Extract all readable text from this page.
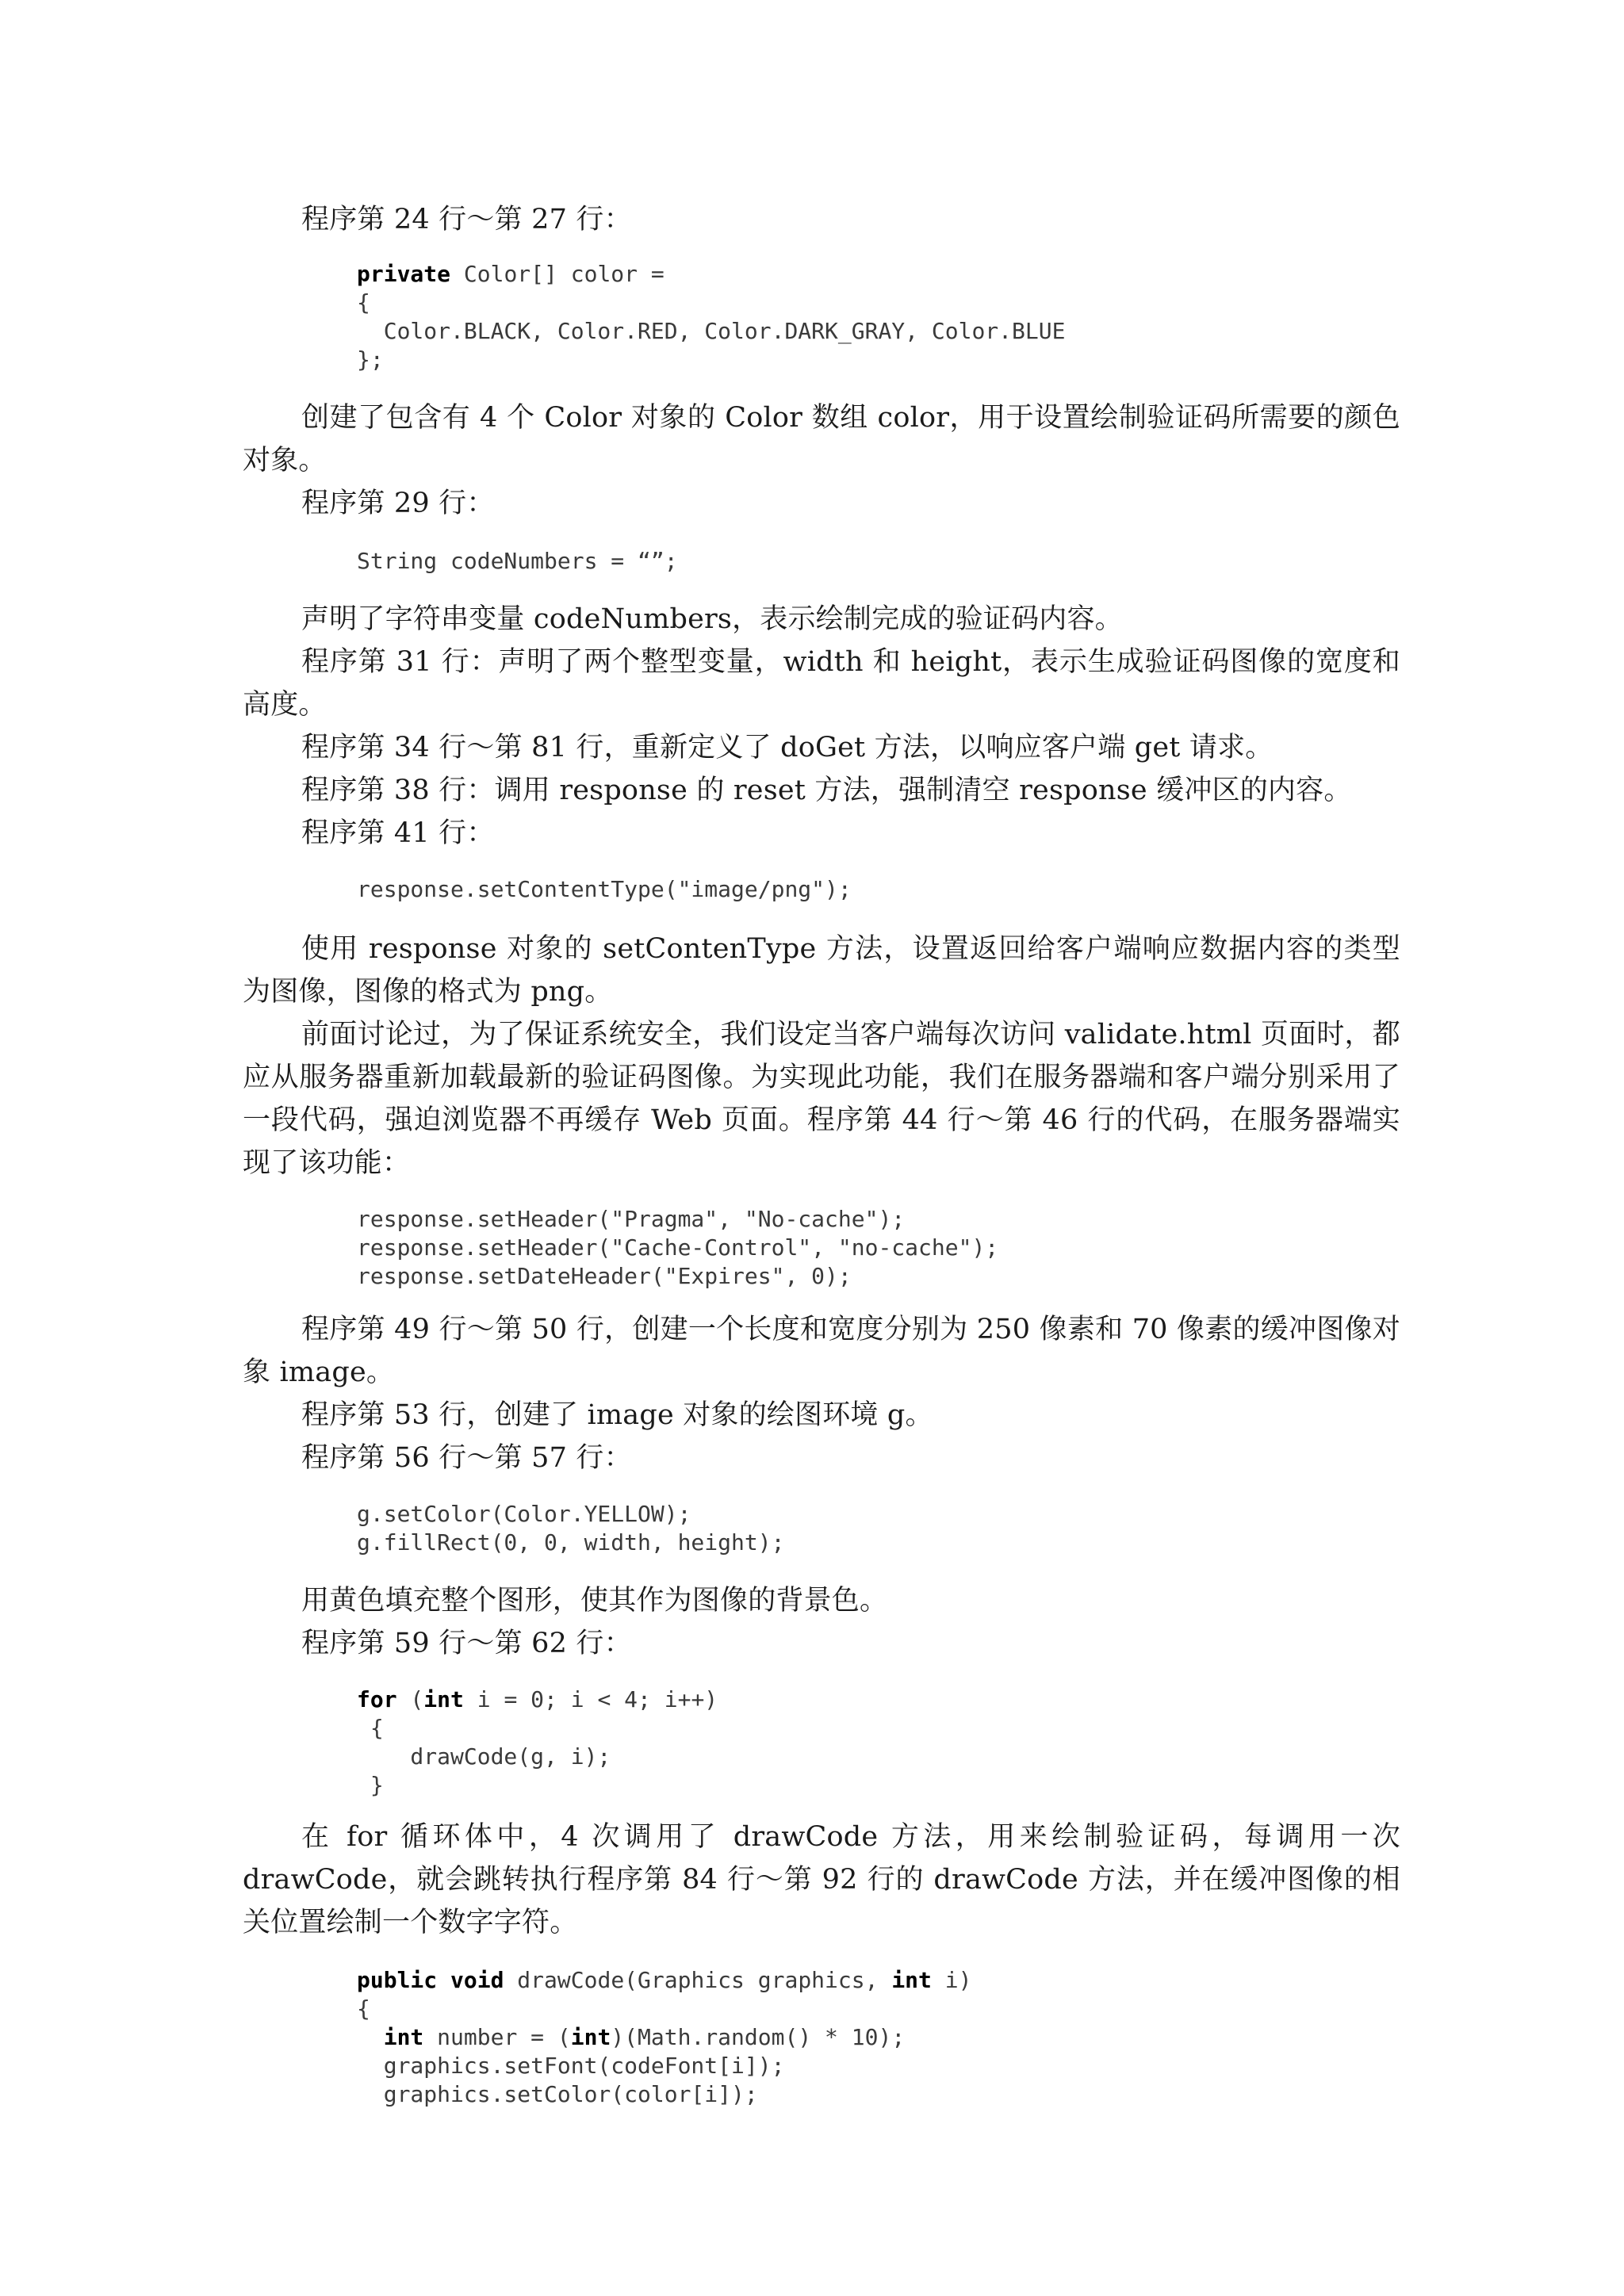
程序第 24 行～第 27 行：

private Color[] color =
{
Color.BLACK, Color.RED, Color.DARK_GRAY, Color.BLUE
};

创建了包含有 4 个 Color 对象的 Color 数组 color，用于设置绘制验证码所需要的颜色对象。

程序第 29 行：

String codeNumbers = “”;

声明了字符串变量 codeNumbers，表示绘制完成的验证码内容。

程序第 31 行：声明了两个整型变量，width 和 height，表示生成验证码图像的宽度和高度。

程序第 34 行～第 81 行，重新定义了 doGet 方法，以响应客户端 get 请求。

程序第 38 行：调用 response 的 reset 方法，强制清空 response 缓冲区的内容。

程序第 41 行：

response.setContentType("image/png");

使用 response 对象的 setContenType 方法，设置返回给客户端响应数据内容的类型为图像，图像的格式为 png。

前面讨论过，为了保证系统安全，我们设定当客户端每次访问 validate.html 页面时，都应从服务器重新加载最新的验证码图像。为实现此功能，我们在服务器端和客户端分别采用了一段代码，强迫浏览器不再缓存 Web 页面。程序第 44 行～第 46 行的代码，在服务器端实现了该功能：

response.setHeader("Pragma", "No-cache");
response.setHeader("Cache-Control", "no-cache");
response.setDateHeader("Expires", 0);

程序第 49 行～第 50 行，创建一个长度和宽度分别为 250 像素和 70 像素的缓冲图像对象 image。

程序第 53 行，创建了 image 对象的绘图环境 g。

程序第 56 行～第 57 行：

g.setColor(Color.YELLOW);
g.fillRect(0, 0, width, height);

用黄色填充整个图形，使其作为图像的背景色。

程序第 59 行～第 62 行：

for (int i = 0; i < 4; i++)
{
drawCode(g, i);
}

在 for 循环体中，4 次调用了 drawCode 方法，用来绘制验证码，每调用一次 drawCode，就会跳转执行程序第 84 行～第 92 行的 drawCode 方法，并在缓冲图像的相关位置绘制一个数字字符。

public void drawCode(Graphics graphics, int i)
{
int number = (int)(Math.random() * 10);
graphics.setFont(codeFont[i]);
graphics.setColor(color[i]);
